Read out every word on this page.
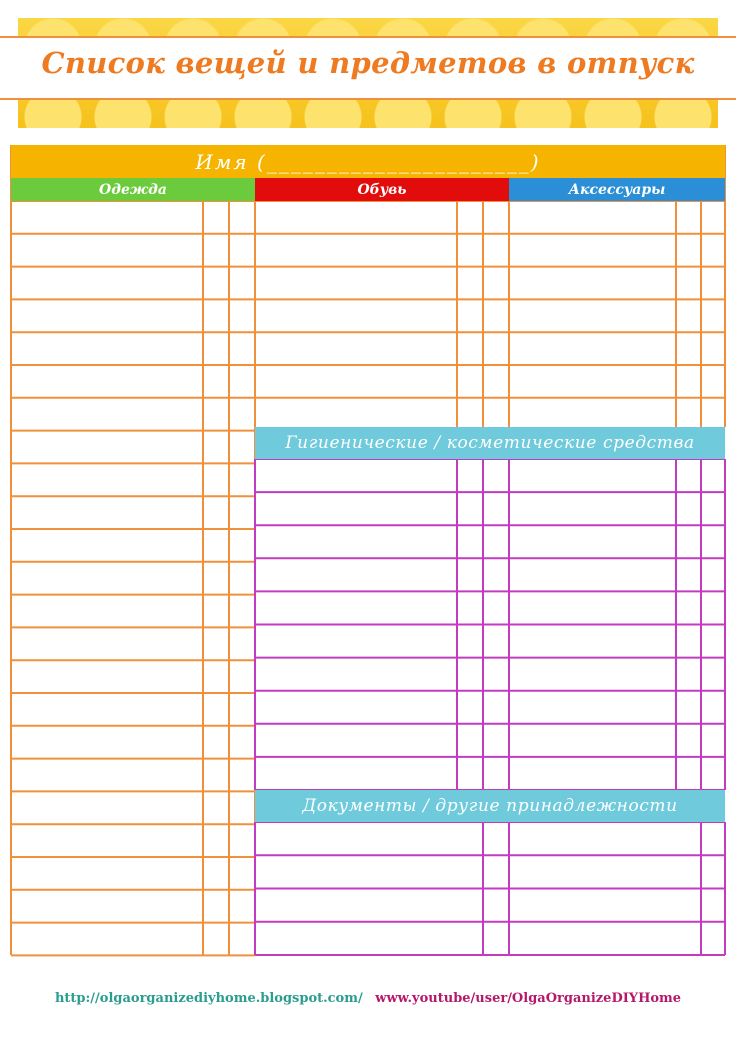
Список вещей и предметов в отпуск
Имя (______________________)
Одежда	Обувь	Аксессуары
Гигиенические / косметические средства
Документы / другие принадлежности
http://olgaorganizediyhome.blogspot.com/ www.youtube/user/OlgaOrganizeDIYHome
